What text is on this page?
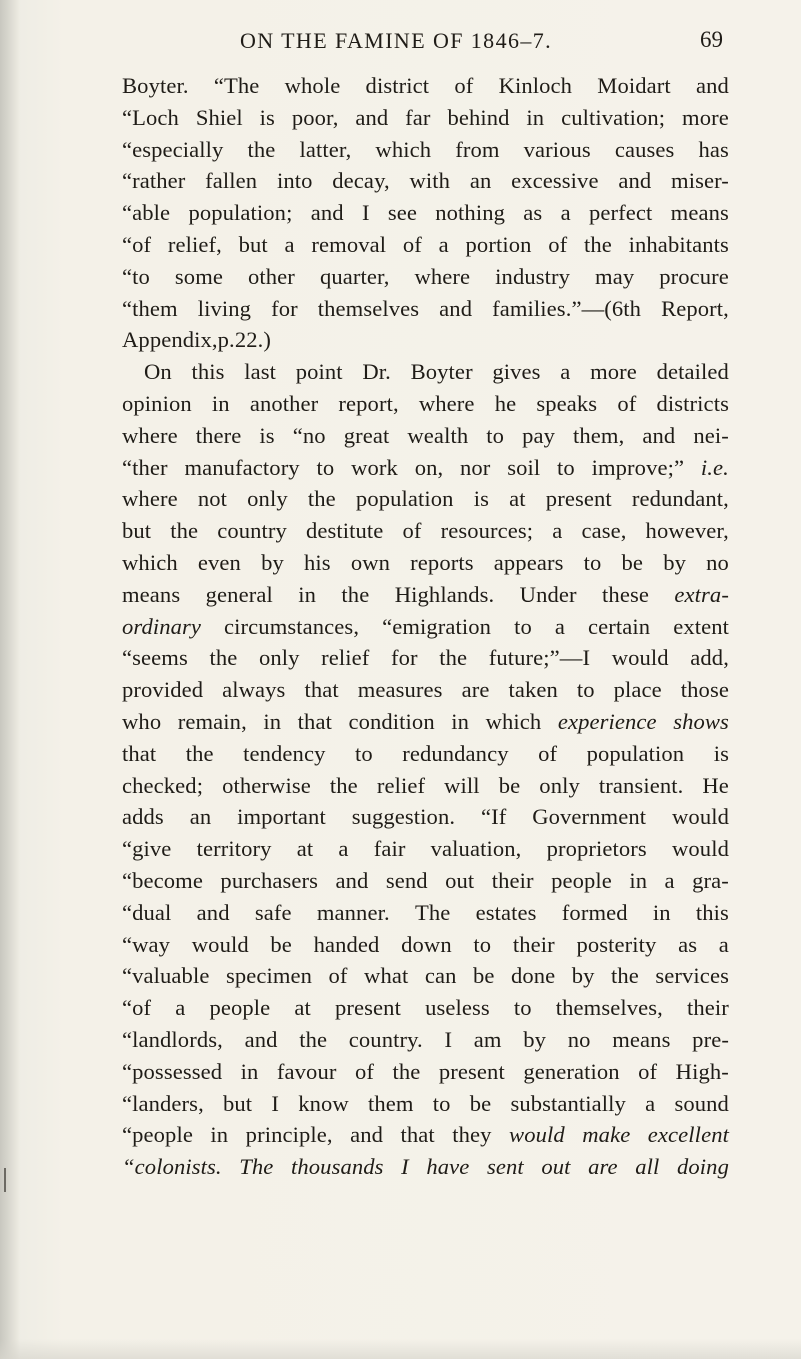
ON THE FAMINE OF 1846–7.	69
Boyter. “The whole district of Kinloch Moidart and
“Loch Shiel is poor, and far behind in cultivation; more
“especially the latter, which from various causes has
“rather fallen into decay, with an excessive and miser-
“able population; and I see nothing as a perfect means
“of relief, but a removal of a portion of the inhabitants
“to some other quarter, where industry may procure
“them living for themselves and families.”—(6th Report,
Appendix, p. 22.)
On this last point Dr. Boyter gives a more detailed
opinion in another report, where he speaks of districts
where there is “no great wealth to pay them, and nei-
“ther manufactory to work on, nor soil to improve;” i.e.
where not only the population is at present redundant,
but the country destitute of resources; a case, however,
which even by his own reports appears to be by no
means general in the Highlands. Under these extra-
ordinary circumstances, “emigration to a certain extent
“seems the only relief for the future;”—I would add,
provided always that measures are taken to place those
who remain, in that condition in which experience shows
that the tendency to redundancy of population is
checked; otherwise the relief will be only transient. He
adds an important suggestion. “If Government would
“give territory at a fair valuation, proprietors would
“become purchasers and send out their people in a gra-
“dual and safe manner. The estates formed in this
“way would be handed down to their posterity as a
“valuable specimen of what can be done by the services
“of a people at present useless to themselves, their
“landlords, and the country. I am by no means pre-
“possessed in favour of the present generation of High-
“landers, but I know them to be substantially a sound
“people in principle, and that they would make excellent
“colonists. The thousands I have sent out are all doing
